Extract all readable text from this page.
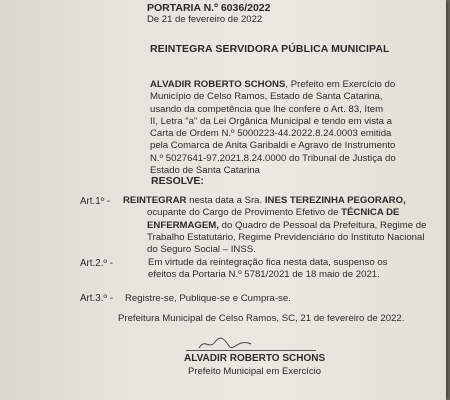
PORTARIA N.º 6036/2022
De 21 de fevereiro de 2022
REINTEGRA SERVIDORA PÚBLICA MUNICIPAL
ALVADIR ROBERTO SCHONS, Prefeito em Exercício do
Município de Celso Ramos, Estado de Santa Catarina,
usando da competência que lhe confere o Art. 83, Item
II, Letra "a" da Lei Orgânica Municipal e tendo em vista a
Carta de Ordem N.º 5000223-44.2022.8.24.0003 emitida
pela Comarca de Anita Garibaldi e Agravo de Instrumento
N.º 5027641-97.2021.8.24.0000 do Tribunal de Justiça do
Estado de Santa Catarina
RESOLVE:
Art.1º - REINTEGRAR nesta data a Sra. INES TEREZINHA PEGORARO,
ocupante do Cargo de Provimento Efetivo de TÉCNICA DE
ENFERMAGEM, do Quadro de Pessoal da Prefeitura, Regime de
Trabalho Estatutário, Regime Previdenciário do Instituto Nacional
do Seguro Social – INSS.
Art.2.º -	Em virtude da reintegração fica nesta data, suspenso os
efeitos da Portaria N.º 5781/2021 de 18 maio de 2021.
Art.3.º - Registre-se, Publique-se e Cumpra-se.
Prefeitura Municipal de Celso Ramos, SC, 21 de fevereiro de 2022.
ALVADIR ROBERTO SCHONS
Prefeito Municipal em Exercício
